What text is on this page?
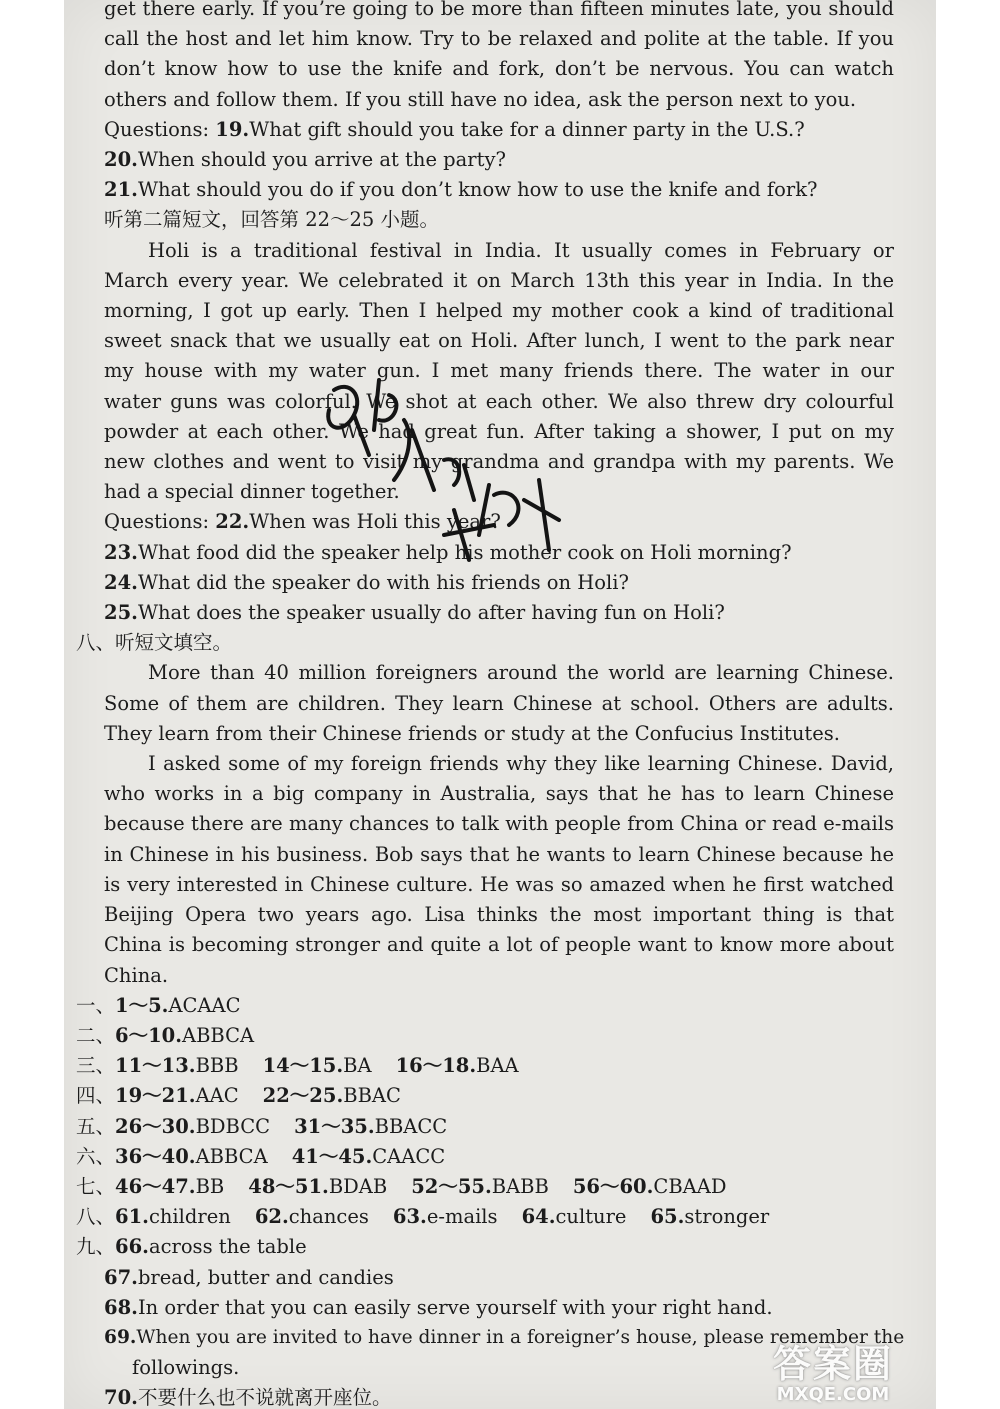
get there early. If you’re going to be more than fifteen minutes late, you should
call the host and let him know. Try to be relaxed and polite at the table. If you
don’t know how to use the knife and fork, don’t be nervous. You can watch
others and follow them. If you still have no idea, ask the person next to you.
Questions: 19.What gift should you take for a dinner party in the U.S.?
20.When should you arrive at the party?
21.What should you do if you don’t know how to use the knife and fork?
听第二篇短文，回答第 22～25 小题。
Holi is a traditional festival in India. It usually comes in February or
March every year. We celebrated it on March 13th this year in India. In the
morning, I got up early. Then I helped my mother cook a kind of traditional
sweet snack that we usually eat on Holi. After lunch, I went to the park near
my house with my water gun. I met many friends there. The water in our
water guns was colorful. We shot at each other. We also threw dry colourful
powder at each other. We had great fun. After taking a shower, I put on my
new clothes and went to visit my grandma and grandpa with my parents. We
had a special dinner together.
Questions: 22.When was Holi this year?
23.What food did the speaker help his mother cook on Holi morning?
24.What did the speaker do with his friends on Holi?
25.What does the speaker usually do after having fun on Holi?
八、听短文填空。
More than 40 million foreigners around the world are learning Chinese.
Some of them are children. They learn Chinese at school. Others are adults.
They learn from their Chinese friends or study at the Confucius Institutes.
I asked some of my foreign friends why they like learning Chinese. David,
who works in a big company in Australia, says that he has to learn Chinese
because there are many chances to talk with people from China or read e-mails
in Chinese in his business. Bob says that he wants to learn Chinese because he
is very interested in Chinese culture. He was so amazed when he first watched
Beijing Opera two years ago. Lisa thinks the most important thing is that
China is becoming stronger and quite a lot of people want to know more about
China.
一、1～5.ACAAC
二、6～10.ABBCA
三、11～13.BBB 14～15.BA 16～18.BAA
四、19～21.AAC 22～25.BBAC
五、26～30.BDBCC 31～35.BBACC
六、36～40.ABBCA 41～45.CAACC
七、46～47.BB 48～51.BDAB 52～55.BABB 56～60.CBAAD
八、61.children 62.chances 63.e-mails 64.culture 65.stronger
九、66.across the table
67.bread, butter and candies
68.In order that you can easily serve yourself with your right hand.
69.When you are invited to have dinner in a foreigner’s house, please remember the
followings.
70.不要什么也不说就离开座位。
答案圈
MXQE.COM
